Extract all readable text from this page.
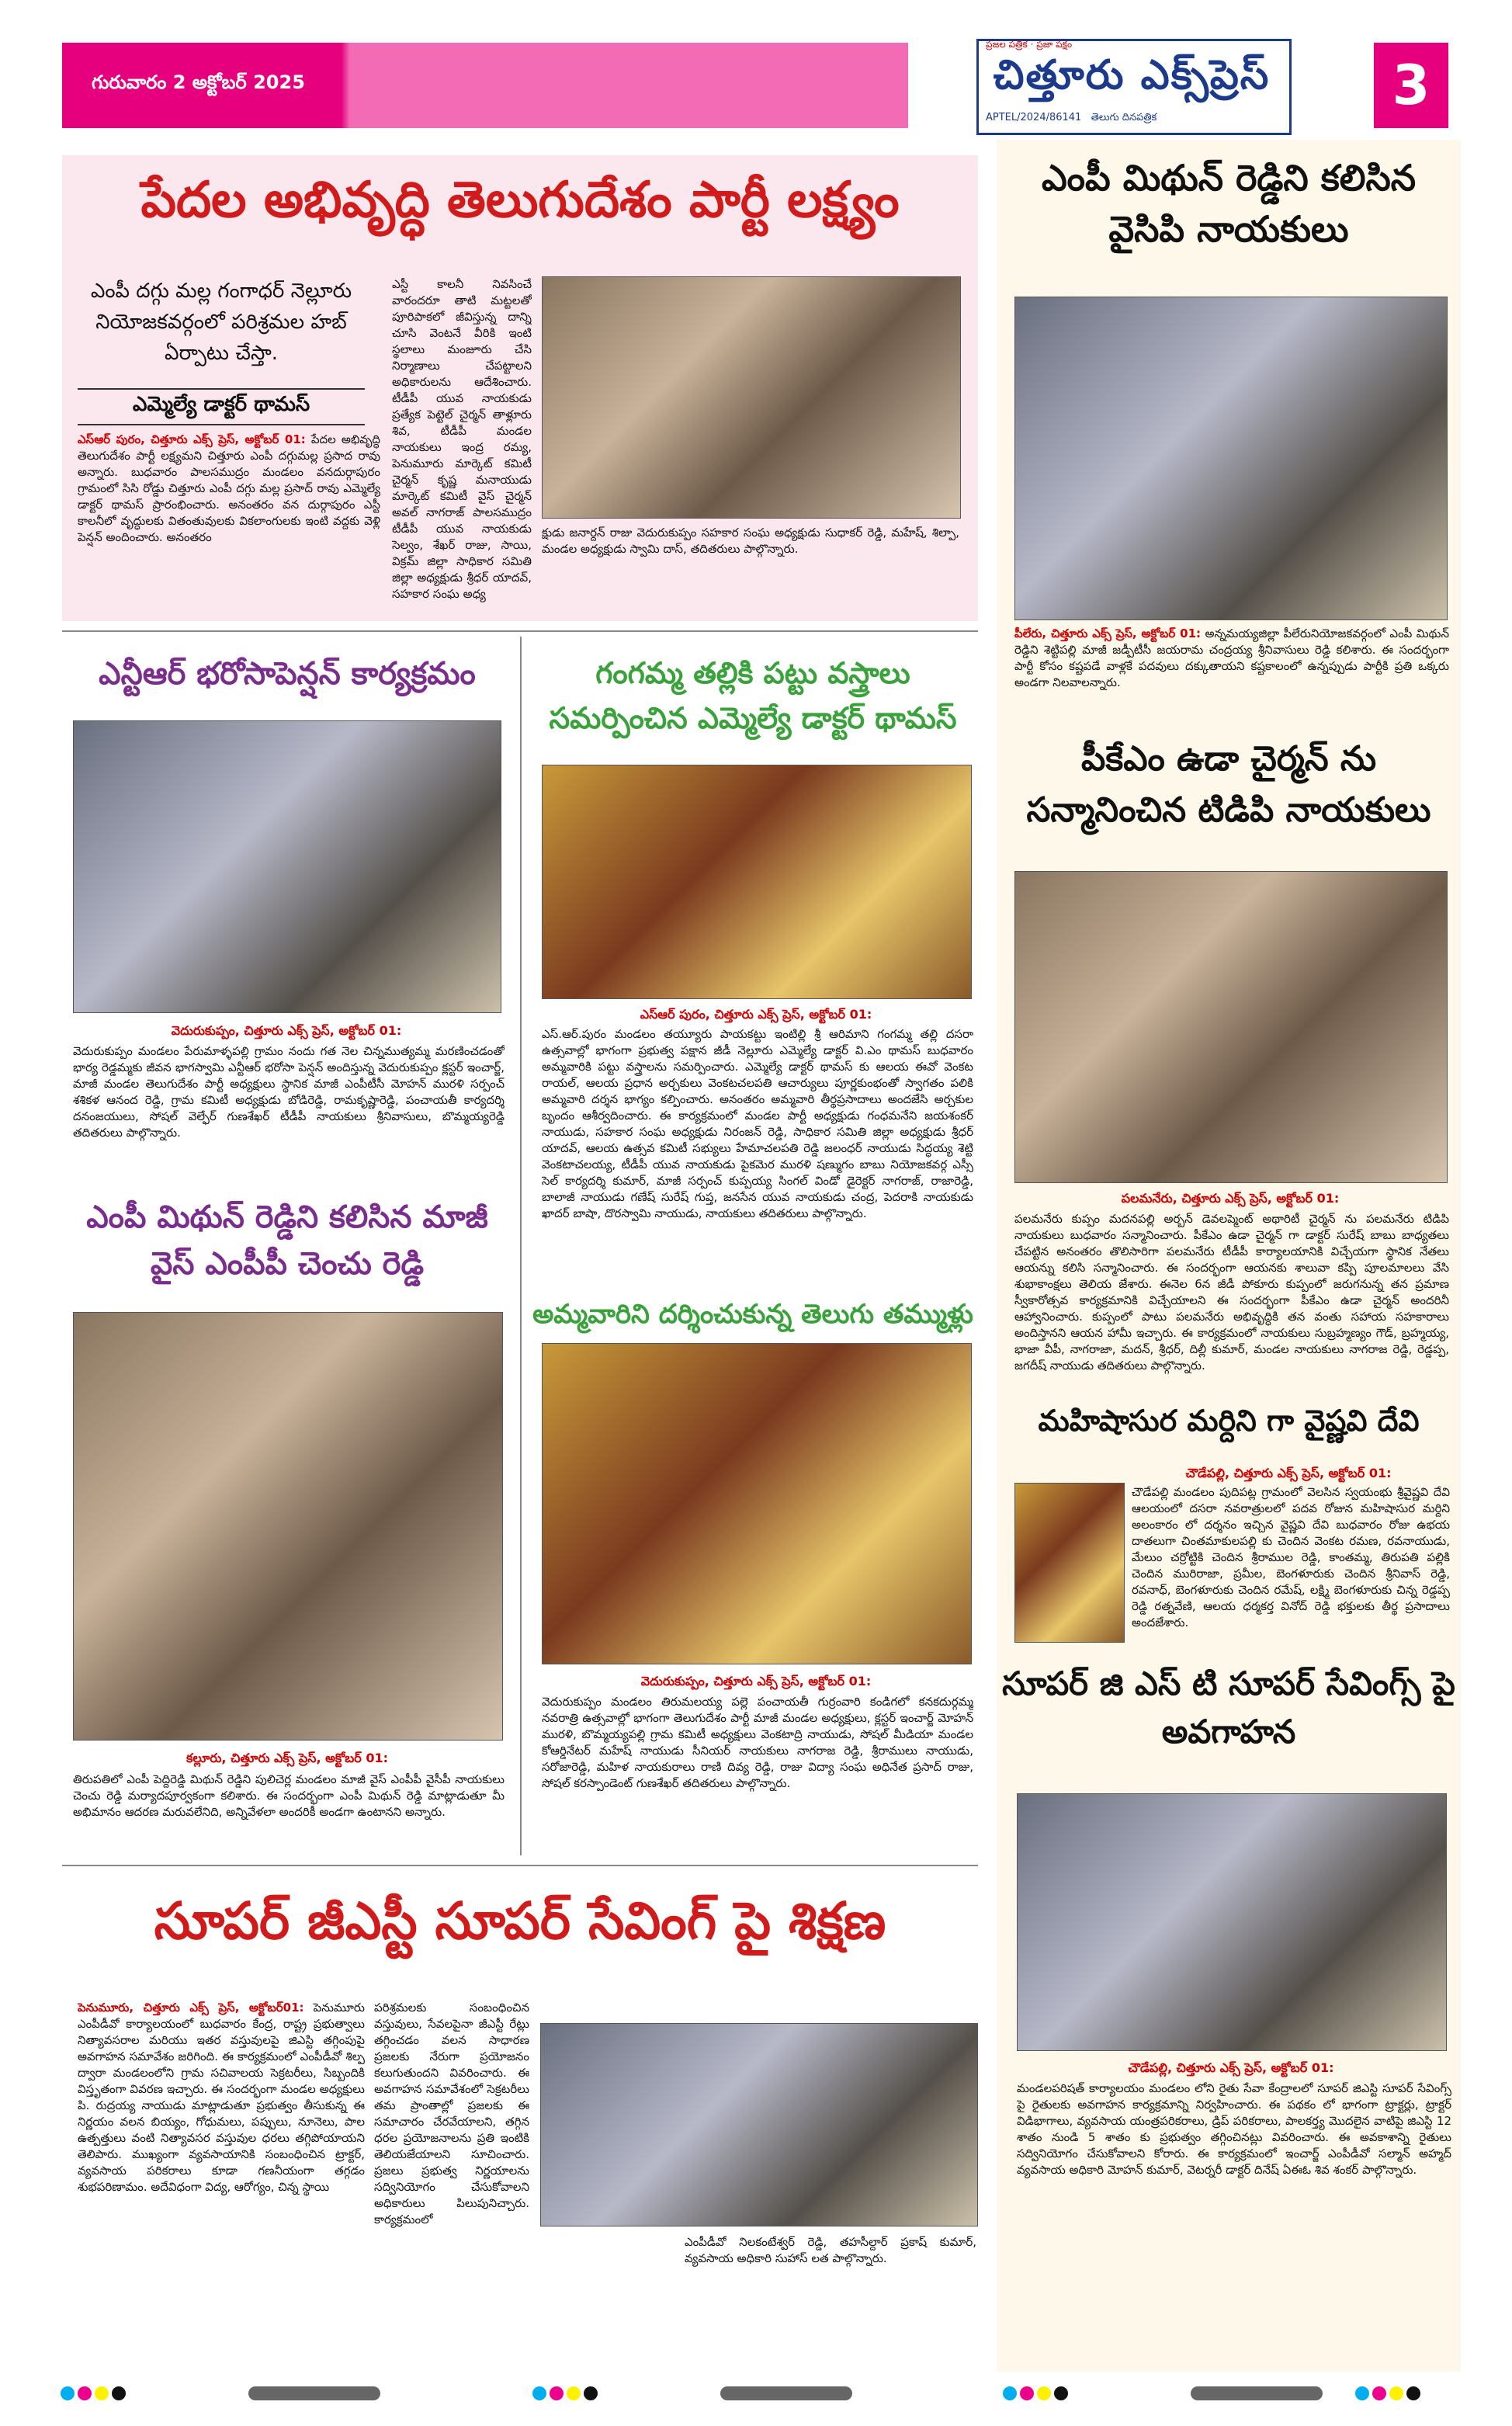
గురువారం 2 అక్టోబర్ 2025
ప్రజల పత్రిక · ప్రజా పక్షం
చిత్తూరు ఎక్స్‌ప్రెస్
APTEL/2024/86141 తెలుగు దినపత్రిక
3
పేదల అభివృద్ధి తెలుగుదేశం పార్టీ లక్ష్యం
ఎంపీ దగ్గు మల్ల గంగాధర్ నెల్లూరు నియోజకవర్గంలో పరిశ్రమల హబ్ ఏర్పాటు చేస్తా.
ఎమ్మెల్యే డాక్టర్ థామస్
ఎస్ఆర్ పురం, చిత్తూరు ఎక్స్ ప్రెస్, అక్టోబర్ 01: పేదల అభివృద్ధి తెలుగుదేశం పార్టీ లక్ష్యమని చిత్తూరు ఎంపీ దగ్గుమల్ల ప్రసాద రావు అన్నారు. బుధవారం పాలసముద్రం మండలం వనదుర్గాపురం గ్రామంలో సిసి రోడ్డు చిత్తూరు ఎంపీ దగ్గు మల్ల ప్రసాద్ రావు ఎమ్మెల్యే డాక్టర్ థామస్ ప్రారంభించారు. అనంతరం వన దుర్గాపురం ఎస్టీ కాలనీలో వృద్ధులకు వితంతువులకు వికలాంగులకు ఇంటి వద్దకు వెళ్లి పెన్షన్ అందించారు. అనంతరం
ఎస్టీ కాలనీ నివసించే వారందరూ తాటి మట్టలతో పూరిపాకలో జీవిస్తున్న దాన్ని చూసి వెంటనే వీరికి ఇంటి స్థలాలు మంజూరు చేసి నిర్మాణాలు చేపట్టాలని అధికారులను ఆదేశించారు. టీడీపీ యువ నాయకుడు ప్రత్యేక పెట్టెల్ చైర్మన్ తాళ్లూరు శివ, టీడీపీ మండల నాయకులు ఇంద్ర రమ్య, పెనుమూరు మార్కెట్ కమిటీ చైర్మన్ కృష్ణ మనాయుడు మార్కెట్ కమిటీ వైస్ చైర్మన్ అవల్ నాగరాజ్ పాలసముద్రం టీడీపీ యువ నాయకుడు సెల్వం, శేఖర్ రాజు, సాయి, విక్రమ్ జిల్లా సాధికార సమితి జిల్లా అధ్యక్షుడు శ్రీధర్ యాదవ్, సహకార సంఘ అధ్య
క్షుడు జనార్దన్ రాజు వెదురుకుప్పం సహకార సంఘ అధ్యక్షుడు సుధాకర్ రెడ్డి, మహేష్, శిల్పా, మండల అధ్యక్షుడు స్వామి దాస్, తదితరులు పాల్గొన్నారు.
ఎన్టీఆర్ భరోసాపెన్షన్ కార్యక్రమం
వెదురుకుప్పం, చిత్తూరు ఎక్స్ ప్రెస్, అక్టోబర్ 01:
వెదురుకుప్పం మండలం పేరుమాళ్ళపల్లి గ్రామం నందు గత నెల చిన్నముత్యమ్మ మరణించడంతో భార్య రెడ్డమ్మకు జీవన భాగస్వామి ఎన్టీఆర్ భరోసా పెన్షన్ అందిస్తున్న వెదురుకుప్పం క్లస్టర్ ఇంచార్జ్, మాజీ మండల తెలుగుదేశం పార్టీ అధ్యక్షులు స్థానిక మాజీ ఎంపీటీసీ మోహన్ మురళి సర్పంచ్ శశికళ ఆనంద రెడ్డి, గ్రామ కమిటీ అధ్యక్షుడు బోడిరెడ్డి, రామకృష్ణారెడ్డి, పంచాయతీ కార్యదర్శి దనంజయులు, సోషల్ వెల్ఫేర్ గుణశేఖర్ టీడీపీ నాయకులు శ్రీనివాసులు, బొమ్మయ్యరెడ్డి తదితరులు పాల్గొన్నారు.
ఎంపీ మిథున్ రెడ్డిని కలిసిన మాజీ వైస్ ఎంపీపీ చెంచు రెడ్డి
కల్లూరు, చిత్తూరు ఎక్స్ ప్రెస్, అక్టోబర్ 01:
తిరుపతిలో ఎంపీ పెద్దిరెడ్డి మిథున్ రెడ్డిని పులిచెర్ల మండలం మాజీ వైస్ ఎంపీపీ వైసీపీ నాయకులు చెంచు రెడ్డి మర్యాదపూర్వకంగా కలిశారు. ఈ సందర్భంగా ఎంపీ మిథున్ రెడ్డి మాట్లాడుతూ మీ అభిమానం ఆదరణ మరువలేనిది, అన్నివేళలా అందరికీ అండగా ఉంటానని అన్నారు.
గంగమ్మ తల్లికి పట్టు వస్త్రాలు సమర్పించిన ఎమ్మెల్యే డాక్టర్ థామస్
ఎస్ఆర్ పురం, చిత్తూరు ఎక్స్ ప్రెస్, అక్టోబర్ 01:
ఎస్.ఆర్.పురం మండలం తయ్యూరు పాయకట్టు ఇంటిల్లి శ్రీ ఆరిమాని గంగమ్మ తల్లి దసరా ఉత్సవాల్లో భాగంగా ప్రభుత్వ పక్షాన జీడీ నెల్లూరు ఎమ్మెల్యే డాక్టర్ వి.ఎం థామస్ బుధవారం అమ్మవారికి పట్టు వస్త్రాలను సమర్పించారు. ఎమ్మెల్యే డాక్టర్ థామస్ కు ఆలయ ఈవో వెంకట రాయల్, ఆలయ ప్రధాన అర్చకులు వెంకటచలపతి ఆచార్యులు పూర్ణకుంభంతో స్వాగతం పలికి అమ్మవారి దర్శన భాగ్యం కల్పించారు. అనంతరం అమ్మవారి తీర్థప్రసాదాలు అందజేసి అర్చకుల బృందం ఆశీర్వదించారు. ఈ కార్యక్రమంలో మండల పార్టీ అధ్యక్షుడు గంధమనేని జయశంకర్ నాయుడు, సహకార సంఘ అధ్యక్షుడు నిరంజన్ రెడ్డి, సాధికార సమితి జిల్లా అధ్యక్షుడు శ్రీధర్ యాదవ్, ఆలయ ఉత్సవ కమిటీ సభ్యులు హేమాచలపతి రెడ్డి జలంధర్ నాయుడు సిద్ధయ్య శెట్టి వెంకటాచలయ్య, టీడీపీ యువ నాయకుడు పైకమెర మురళి షణ్ముగం బాబు నియోజకవర్గ ఎస్సీ సెల్ కార్యదర్శి కుమార్, మాజీ సర్పంచ్ కుప్పయ్య సింగల్ విండో డైరెక్టర్ నాగరాజ్, రాజారెడ్డి, బాలాజీ నాయుడు గణేష్ సురేష్ గుప్త, జనసేన యువ నాయకుడు చంద్ర, పెదరాకి నాయకుడు ఖాదర్ బాషా, దొరస్వామి నాయుడు, నాయకులు తదితరులు పాల్గొన్నారు.
అమ్మవారిని దర్శించుకున్న తెలుగు తమ్ముళ్లు
వెదురుకుప్పం, చిత్తూరు ఎక్స్ ప్రెస్, అక్టోబర్ 01:
వెదురుకుప్పం మండలం తిరుమలయ్య పల్లె పంచాయతీ గుర్రంవారి కండిగలో కనకదుర్గమ్మ నవరాత్రి ఉత్సవాల్లో భాగంగా తెలుగుదేశం పార్టీ మాజీ మండల అధ్యక్షులు, క్లస్టర్ ఇంచార్జ్ మోహన్ మురళి, బొమ్మయ్యపల్లి గ్రామ కమిటీ అధ్యక్షులు వెంకటాద్రి నాయుడు, సోషల్ మీడియా మండల కోఆర్డినేటర్ మహేష్ నాయుడు సీనియర్ నాయకులు నాగరాజ రెడ్డి, శ్రీరాములు నాయుడు, సరోజారెడ్డి, మహిళ నాయకురాలు రాణి దివ్య రెడ్డి, రాజు విద్యా సంఘ అధినేత ప్రసాద్ రాజు, సోషల్ కరస్పాండెంట్ గుణశేఖర్ తదితరులు పాల్గొన్నారు.
ఎంపీ మిథున్ రెడ్డిని కలిసిన వైసిపి నాయకులు
పీలేరు, చిత్తూరు ఎక్స్ ప్రెస్, అక్టోబర్ 01: అన్నమయ్యజిల్లా పీలేరునియోజకవర్గంలో ఎంపీ మిథున్ రెడ్డిని శెట్టిపల్లి మాజీ జడ్పీటీసీ జయరామ చంద్రయ్య శ్రీనివాసులు రెడ్డి కలిశారు. ఈ సందర్భంగా పార్టీ కోసం కష్టపడే వాళ్లకే పదవులు దక్కుతాయని కష్టకాలంలో ఉన్నప్పుడు పార్టీకి ప్రతి ఒక్కరు అండగా నిలవాలన్నారు.
పీకేఎం ఉడా చైర్మన్ ను సన్మానించిన టిడిపి నాయకులు
పలమనేరు, చిత్తూరు ఎక్స్ ప్రెస్, అక్టోబర్ 01:
పలమనేరు కుప్పం మదనపల్లి అర్బన్ డెవలప్మెంట్ అథారిటీ చైర్మన్ ను పలమనేరు టిడిపి నాయకులు బుధవారం సన్మానించారు. పీకేఎం ఉడా చైర్మన్ గా డాక్టర్ సురేష్ బాబు బాధ్యతలు చేపట్టిన అనంతరం తొలిసారిగా పలమనేరు టీడీపీ కార్యాలయానికి విచ్చేయగా స్థానిక నేతలు ఆయన్ను కలిసి సన్మానించారు. ఈ సందర్భంగా ఆయనకు శాలువా కప్పి పూలమాలలు వేసి శుభాకాంక్షలు తెలియ జేశారు. ఈనెల 6న జీడీ పోకూరు కుప్పంలో జరుగనున్న తన ప్రమాణ స్వీకారోత్సవ కార్యక్రమానికి విచ్చేయాలని ఈ సందర్భంగా పీకేఎం ఉడా చైర్మన్ అందరినీ ఆహ్వానించారు. కుప్పంలో పాటు పలమనేరు అభివృద్ధికి తన వంతు సహాయ సహకారాలు అందిస్తానని ఆయన హామీ ఇచ్చారు. ఈ కార్యక్రమంలో నాయకులు సుబ్రహ్మణ్యం గౌడ్, బ్రహ్మయ్య, భాజా వీపీ, నాగరాజా, మదన్, శ్రీధర్, దిల్లీ కుమార్, మండల నాయకులు నాగరాజ రెడ్డి, రెడ్డప్ప, జగదీష్ నాయుడు తదితరులు పాల్గొన్నారు.
మహిషాసుర మర్దిని గా వైష్ణవి దేవి
చౌడేపల్లి, చిత్తూరు ఎక్స్ ప్రెస్, అక్టోబర్ 01:
చౌడేపల్లి మండలం పుదిపట్ల గ్రామంలో వెలసిన స్వయంభు శ్రీవైష్ణవి దేవి ఆలయంలో దసరా నవరాత్రులలో పదవ రోజున మహిషాసుర మర్దిని అలంకారం లో దర్శనం ఇచ్చిన వైష్ణవి దేవి బుధవారం రోజు ఉభయ దాతలుగా చింతమాకులపల్లి కు చెందిన వెంకట రమణ, రవనాయుడు, మేలుం చర్రోట్టికి చెందిన శ్రీరాముల రెడ్డి, కాంతమ్మ, తిరుపతి పల్లికి చెందిన మురిరాజా, ప్రమీల, బెంగళూరుకు చెందిన శ్రీనివాస్ రెడ్డి, రవనాధ్, బెంగళూరుకు చెందిన రమేష్, లక్ష్మి బెంగళూరుకు చిన్న రెడ్డప్ప రెడ్డి రత్నవేణి, ఆలయ ధర్మకర్త వినోద్ రెడ్డి భక్తులకు తీర్థ ప్రసాదాలు అందజేశారు.
సూపర్ జి ఎస్ టి సూపర్ సేవింగ్స్ పై అవగాహన
చౌడేపల్లి, చిత్తూరు ఎక్స్ ప్రెస్, అక్టోబర్ 01:
మండలపరిషత్ కార్యాలయం మండలం లోని రైతు సేవా కేంద్రాలలో సూపర్ జిఎస్టి సూపర్ సేవింగ్స్ పై రైతులకు అవగాహన కార్యక్రమాన్ని నిర్వహించారు. ఈ పథకం లో భాగంగా ట్రాక్టర్లు, ట్రాక్టర్ విడిభాగాలు, వ్యవసాయ యంత్రపరికరాలు, డ్రిప్ పరికరాలు, పాలకర్త్య మొదలైన వాటిపై జిఎస్టి 12 శాతం నుండి 5 శాతం కు ప్రభుత్వం తగ్గించినట్లు వివరించారు. ఈ అవకాశాన్ని రైతులు సద్వినియోగం చేసుకోవాలని కోరారు. ఈ కార్యక్రమంలో ఇంచార్జ్ ఎంపీడీవో సల్మాన్ అహ్మద్ వ్యవసాయ అధికారి మోహన్ కుమార్, వెటర్నరీ డాక్టర్ దినేష్ ఏఈఓ శివ శంకర్ పాల్గొన్నారు.
సూపర్ జీఎస్టీ సూపర్ సేవింగ్ పై శిక్షణ
పెనుమూరు, చిత్తూరు ఎక్స్ ప్రెస్, అక్టోబర్01: పెనుమూరు ఎంపీడీవో కార్యాలయంలో బుధవారం కేంద్ర, రాష్ట్ర ప్రభుత్వాలు నిత్యావసరాల మరియు ఇతర వస్తువులపై జిఎస్టి తగ్గింపుపై అవగాహన సమావేశం జరిగింది. ఈ కార్యక్రమంలో ఎంపీడీవో శిల్ప ద్వారా మండలంలోని గ్రామ సచివాలయ సెక్రటరీలు, సిబ్బందికి విస్తృతంగా వివరణ ఇచ్చారు. ఈ సందర్భంగా మండల అధ్యక్షులు పి. రుద్రయ్య నాయుడు మాట్లాడుతూ ప్రభుత్వం తీసుకున్న ఈ నిర్ణయం వలన బియ్యం, గోధుమలు, పప్పులు, నూనెలు, పాల ఉత్పత్తులు వంటి నిత్యావసర వస్తువుల ధరలు తగ్గిపోయాయని తెలిపారు. ముఖ్యంగా వ్యవసాయానికి సంబంధించిన ట్రాక్టర్, వ్యవసాయ పరికరాలు కూడా గణనీయంగా తగ్గడం శుభపరిణామం. అదేవిధంగా విద్య, ఆరోగ్యం, చిన్న స్థాయి
పరిశ్రమలకు సంబంధించిన వస్తువులు, సేవలపైనా జీఎస్టీ రేట్లు తగ్గించడం వలన సాధారణ ప్రజలకు నేరుగా ప్రయోజనం కలుగుతుందని వివరించారు. ఈ అవగాహన సమావేశంలో సెక్రటరీలు తమ ప్రాంతాల్లో ప్రజలకు ఈ సమాచారం చేరవేయాలని, తగ్గిన ధరల ప్రయోజనాలను ప్రతి ఇంటికి తెలియజేయాలని సూచించారు. ప్రజలు ప్రభుత్వ నిర్ణయాలను సద్వినియోగం చేసుకోవాలని అధికారులు పిలుపునిచ్చారు. కార్యక్రమంలో
ఎంపీడీవో నిలకంటేశ్వర్ రెడ్డి, తహసీల్దార్ ప్రకాష్ కుమార్, వ్యవసాయ అధికారి సుహాస్ లత పాల్గొన్నారు.
